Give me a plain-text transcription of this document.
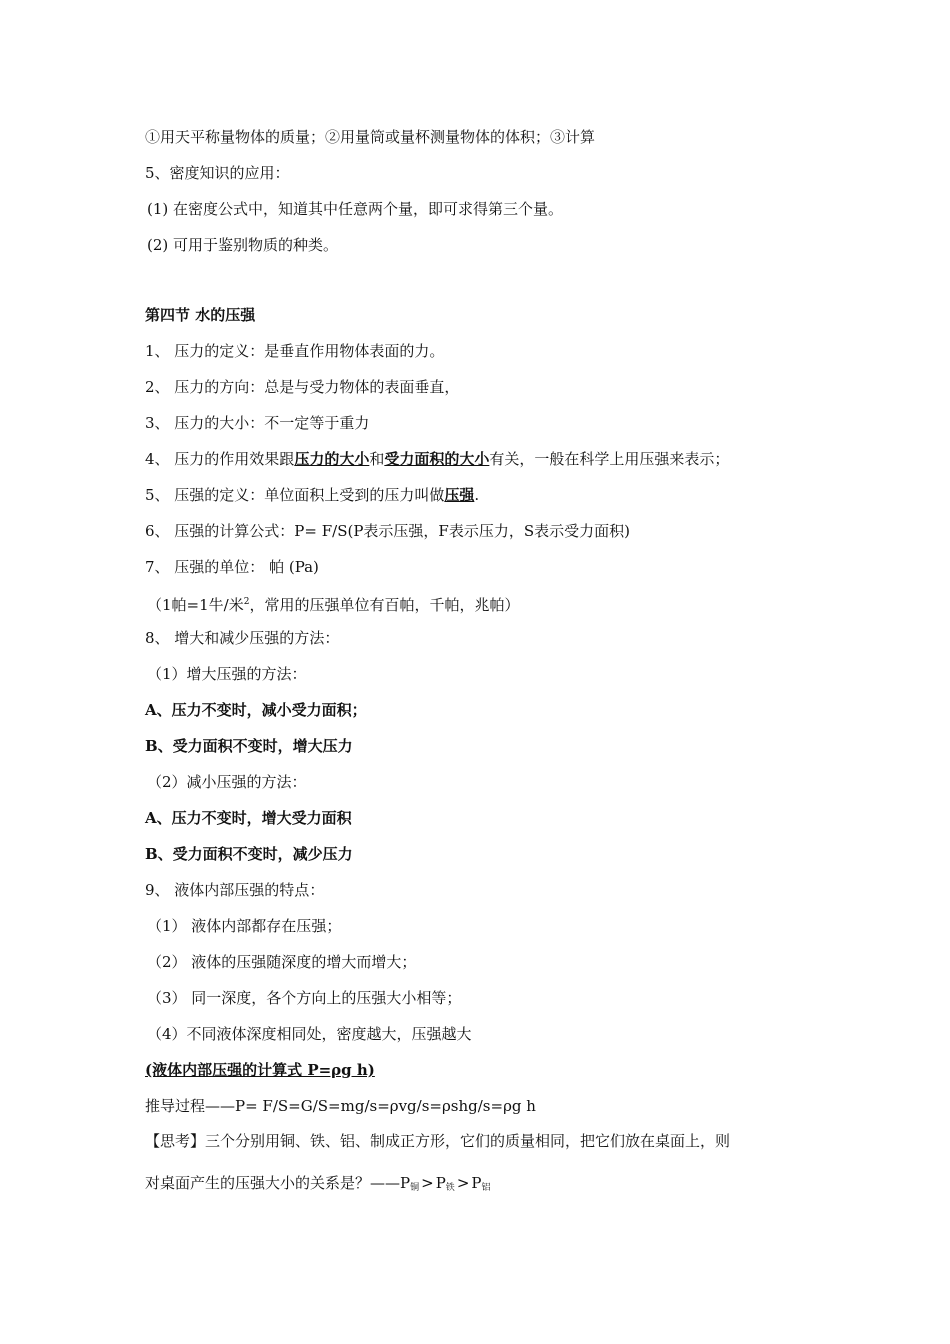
①用天平称量物体的质量；②用量筒或量杯测量物体的体积；③计算
5、密度知识的应用：
(1) 在密度公式中，知道其中任意两个量，即可求得第三个量。
(2) 可用于鉴别物质的种类。
第四节 水的压强
1、 压力的定义：是垂直作用物体表面的力。
2、 压力的方向：总是与受力物体的表面垂直，
3、 压力的大小：不一定等于重力
4、 压力的作用效果跟压力的大小和受力面积的大小有关，一般在科学上用压强来表示；
5、 压强的定义：单位面积上受到的压力叫做压强.
6、 压强的计算公式：P= F/S(P表示压强，F表示压力，S表示受力面积)
7、 压强的单位： 帕 (Pa)
（1帕=1牛/米$^2$，常用的压强单位有百帕，千帕，兆帕）
8、 增大和减少压强的方法：
（1）增大压强的方法：
A、压力不变时，减小受力面积；
B、受力面积不变时，增大压力
（2）减小压强的方法：
A、压力不变时，增大受力面积
B、受力面积不变时，减少压力
9、 液体内部压强的特点：
（1） 液体内部都存在压强；
（2） 液体的压强随深度的增大而增大；
（3） 同一深度，各个方向上的压强大小相等；
（4）不同液体深度相同处，密度越大，压强越大
(液体内部压强的计算式 P=ρg h)
推导过程——P= F/S=G/S=mg/s=ρvg/s=ρshg/s=ρg h
【思考】三个分别用铜、铁、铝、制成正方形，它们的质量相同，把它们放在桌面上，则
对桌面产生的压强大小的关系是？$——P_铜 > P_铁 > P_铝$
